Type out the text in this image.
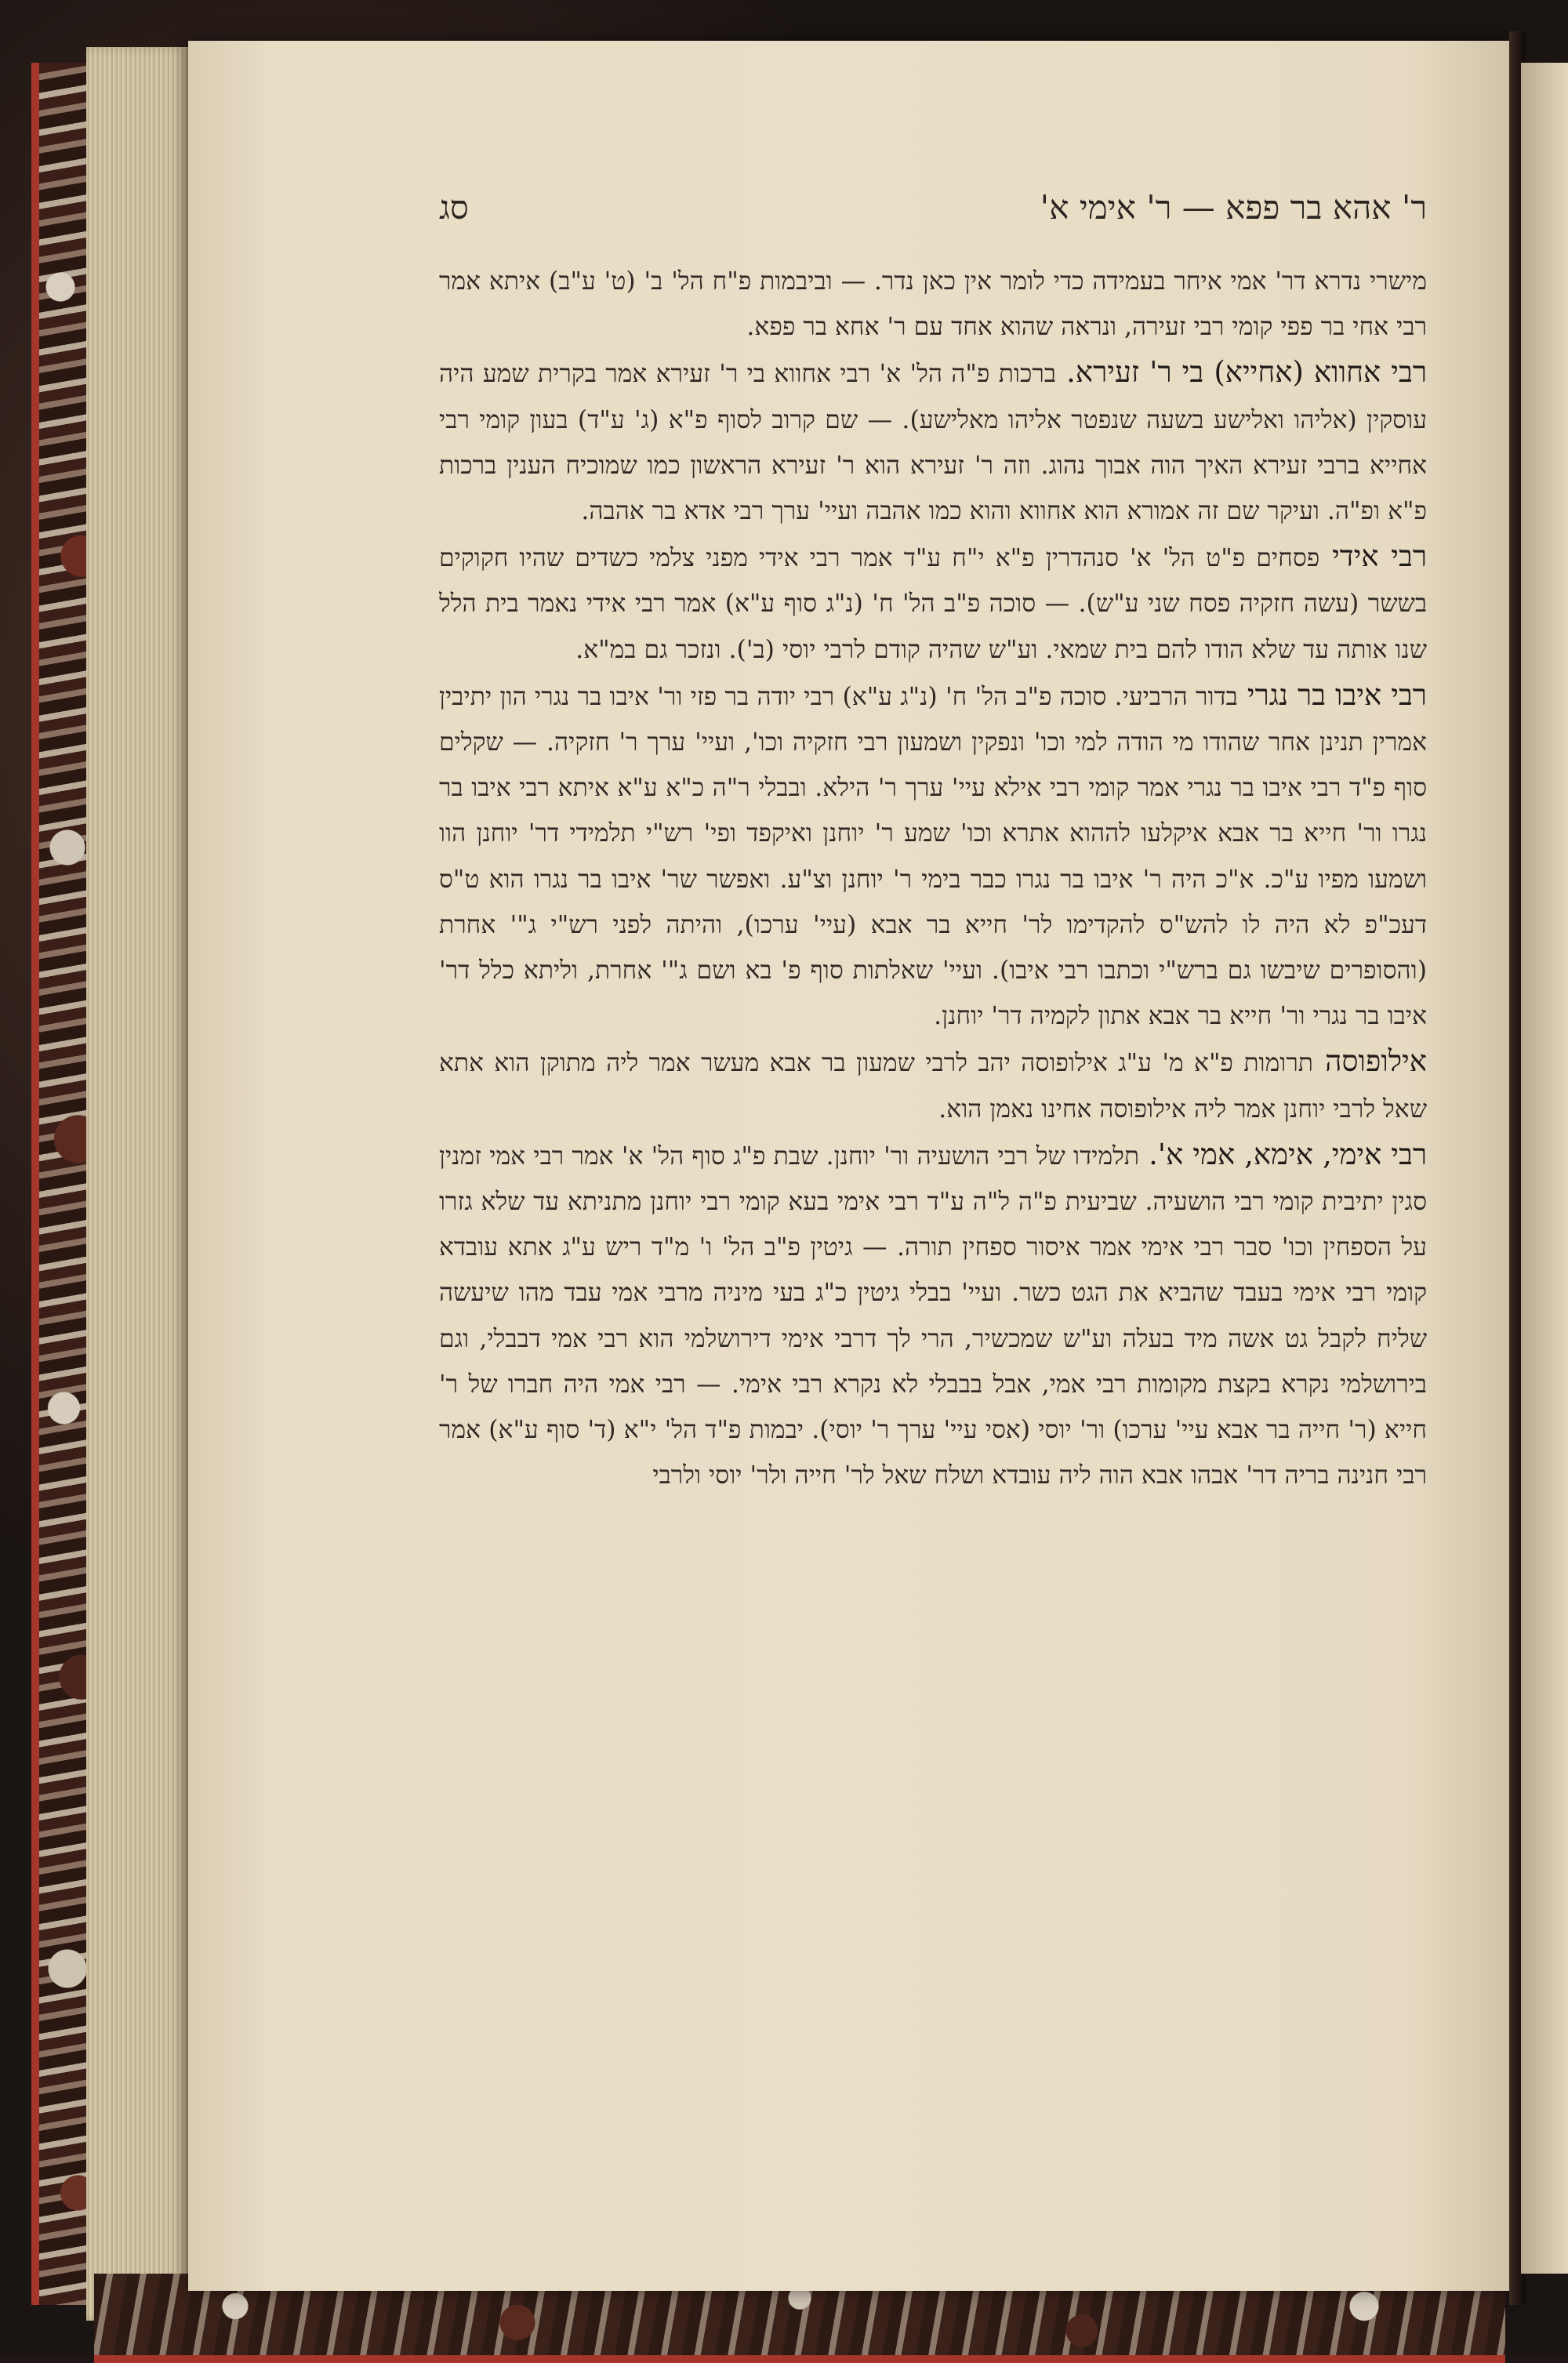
ר' אהא בר פפא — ר' אימי א'
סג

מישרי נדרא דר' אמי איחר בעמידה כדי לומר אין כאן נדר. — וביבמות פ"ח הל' ב' (ט' ע"ב) איתא אמר רבי אחי בר פפי קומי רבי זעירה, ונראה שהוא אחד עם ר' אחא בר פפא.

רבי אחווא (אחייא) בי ר' זעירא. ברכות פ"ה הל' א' רבי אחווא בי ר' זעירא אמר בקרית שמע היה עוסקין (אליהו ואלישע בשעה שנפטר אליהו מאלישע). — שם קרוב לסוף פ"א (ג' ע"ד) בעון קומי רבי אחייא ברבי זעירא האיך הוה אבוך נהוג. וזה ר' זעירא הוא ר' זעירא הראשון כמו שמוכיח הענין ברכות פ"א ופ"ה. ועיקר שם זה אמורא הוא אחווא והוא כמו אהבה ועיי' ערך רבי אדא בר אהבה.

רבי אידי פסחים פ"ט הל' א' סנהדרין פ"א י"ח ע"ד אמר רבי אידי מפני צלמי כשדים שהיו חקוקים בששר (עשה חזקיה פסח שני ע"ש). — סוכה פ"ב הל' ח' (נ"ג סוף ע"א) אמר רבי אידי נאמר בית הלל שנו אותה עד שלא הודו להם בית שמאי. וע"ש שהיה קודם לרבי יוסי (ב'). ונזכר גם במ"א.

רבי איבו בר נגרי בדור הרביעי. סוכה פ"ב הל' ח' (נ"ג ע"א) רבי יודה בר פזי ור' איבו בר נגרי הון יתיבין אמרין תנינן אחר שהודו מי הודה למי וכו' ונפקין ושמעון רבי חזקיה וכו', ועיי' ערך ר' חזקיה. — שקלים סוף פ"ד רבי איבו בר נגרי אמר קומי רבי אילא עיי' ערך ר' הילא. ובבלי ר"ה כ"א ע"א איתא רבי איבו בר נגרו ור' חייא בר אבא איקלעו לההוא אתרא וכו' שמע ר' יוחנן ואיקפד ופי' רש"י תלמידי דר' יוחנן הוו ושמעו מפיו ע"כ. א"כ היה ר' איבו בר נגרו כבר בימי ר' יוחנן וצ"ע. ואפשר שר' איבו בר נגרו הוא ט"ס דעכ"פ לא היה לו להש"ס להקדימו לר' חייא בר אבא (עיי' ערכו), והיתה לפני רש"י ג"' אחרת (והסופרים שיבשו גם ברש"י וכתבו רבי איבו). ועיי' שאלתות סוף פ' בא ושם ג"' אחרת, וליתא כלל דר' איבו בר נגרי ור' חייא בר אבא אתון לקמיה דר' יוחנן.

אילופוסה תרומות פ"א מ' ע"ג אילופוסה יהב לרבי שמעון בר אבא מעשר אמר ליה מתוקן הוא אתא שאל לרבי יוחנן אמר ליה אילופוסה אחינו נאמן הוא.

רבי אימי, אימא, אמי א'. תלמידו של רבי הושעיה ור' יוחנן. שבת פ"ג סוף הל' א' אמר רבי אמי זמנין סגין יתיבית קומי רבי הושעיה. שביעית פ"ה ל"ה ע"ד רבי אימי בעא קומי רבי יוחנן מתניתא עד שלא גזרו על הספחין וכו' סבר רבי אימי אמר איסור ספחין תורה. — גיטין פ"ב הל' ו' מ"ד ריש ע"ג אתא עובדא קומי רבי אימי בעבד שהביא את הגט כשר. ועיי' בבלי גיטין כ"ג בעי מיניה מרבי אמי עבד מהו שיעשה שליח לקבל גט אשה מיד בעלה וע"ש שמכשיר, הרי לך דרבי אימי דירושלמי הוא רבי אמי דבבלי, וגם בירושלמי נקרא בקצת מקומות רבי אמי, אבל בבבלי לא נקרא רבי אימי. — רבי אמי היה חברו של ר' חייא (ר' חייה בר אבא עיי' ערכו) ור' יוסי (אסי עיי' ערך ר' יוסי). יבמות פ"ד הל' י"א (ד' סוף ע"א) אמר רבי חנינה בריה דר' אבהו אבא הוה ליה עובדא ושלח שאל לר' חייה ולר' יוסי ולרבי
